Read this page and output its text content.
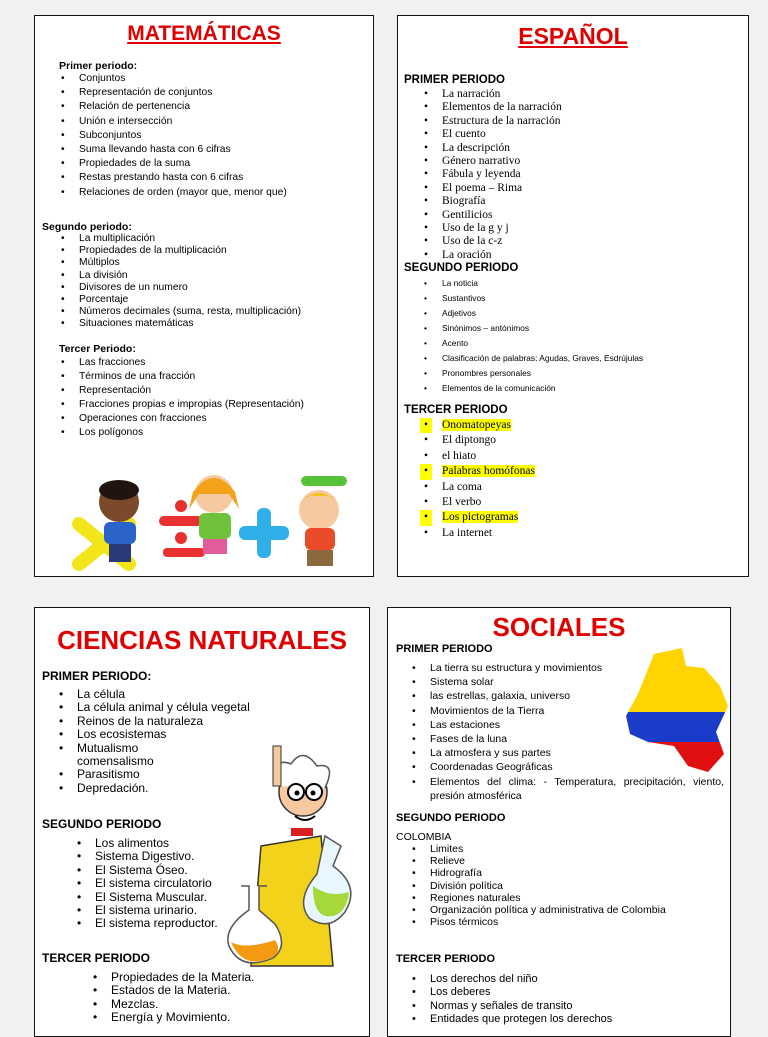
MATEMÁTICAS
Primer periodo:
• Conjuntos
• Representación de conjuntos
• Relación de pertenencia
• Unión e intersección
• Subconjuntos
• Suma llevando hasta con 6 cifras
• Propiedades de la suma
• Restas prestando hasta con 6 cifras
• Relaciones de orden (mayor que, menor que)
Segundo periodo:
• La multiplicación
• Propiedades de la multiplicación
• Múltiplos
• La división
• Divisores de un numero
• Porcentaje
• Números decimales (suma, resta, multiplicación)
• Situaciones matemáticas
Tercer Periodo:
• Las fracciones
• Términos de una fracción
• Representación
• Fracciones propias e impropias (Representación)
• Operaciones con fracciones
• Los polígonos
ESPAÑOL
PRIMER PERIODO
• La narración
• Elementos de la narración
• Estructura de la narración
• El cuento
• La descripción
• Género narrativo
• Fábula y leyenda
• El poema – Rima
• Biografía
• Gentilicios
• Uso de la g y j
• Uso de la c-z
• La oración
SEGUNDO PERIODO
• La noticia
• Sustantivos
• Adjetivos
• Sinónimos – antónimos
• Acento
• Clasificación de palabras: Agudas, Graves, Esdrújulas
• Pronombres personales
• Elementos de la comunicación
TERCER PERIODO
• Onomatopeyas
• El diptongo
• el hiato
• Palabras homófonas
• La coma
• El verbo
• Los pictogramas
• La internet
CIENCIAS NATURALES
PRIMER PERIODO:
• La célula
• La célula animal y célula vegetal
• Reinos de la naturaleza
• Los ecosistemas
• Mutualismo
comensalismo
• Parasitismo
• Depredación.
SEGUNDO PERIODO
• Los alimentos
• Sistema Digestivo.
• El Sistema Óseo.
• El sistema circulatorio
• El Sistema Muscular.
• El sistema urinario.
• El sistema reproductor.
TERCER PERIODO
• Propiedades de la Materia.
• Estados de la Materia.
• Mezclas.
• Energía y Movimiento.
SOCIALES
PRIMER PERIODO
• La tierra su estructura y movimientos
• Sistema solar
• las estrellas, galaxia, universo
• Movimientos de la Tierra
• Las estaciones
• Fases de la luna
• La atmosfera y sus partes
• Coordenadas Geográficas
• Elementos del clima: - Temperatura, precipitación, viento, presión atmosférica
SEGUNDO PERIODO
COLOMBIA
• Limites
• Relieve
• Hidrografía
• División política
• Regiones naturales
• Organización política y administrativa de Colombia
• Pisos térmicos
TERCER PERIODO
• Los derechos del niño
• Los deberes
• Normas y señales de transito
• Entidades que protegen los derechos
